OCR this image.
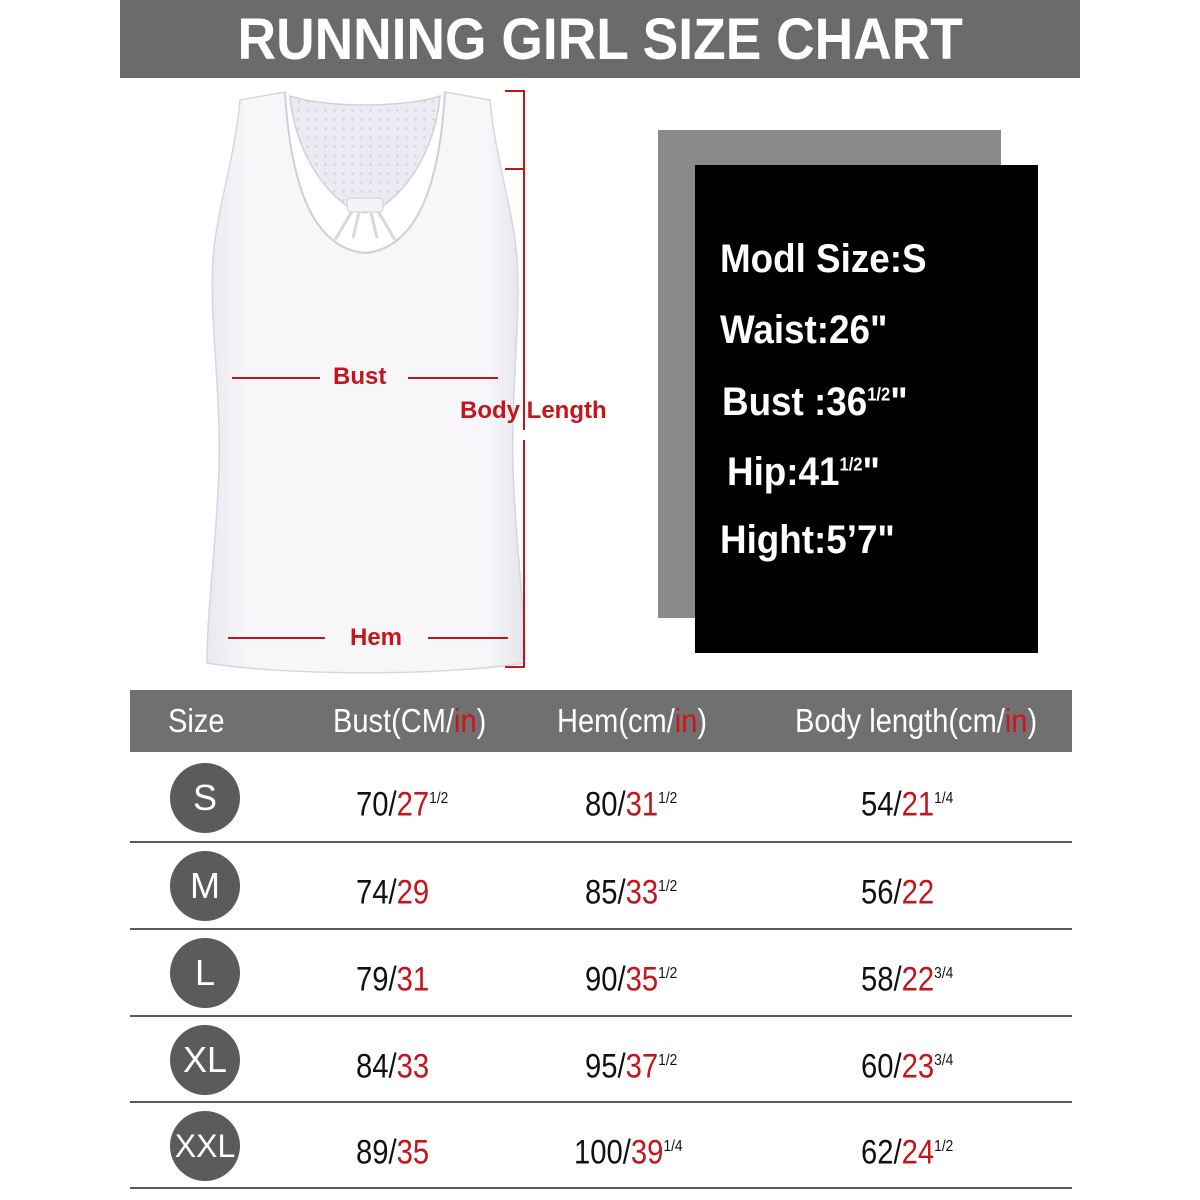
RUNNING GIRL SIZE CHART
Bust
Hem
Body Length
Modl Size:S
Waist:26"
Bust $:36^{1/2}$"
$Hip:41^{1/2}$"
Hight:5’7"
Size	Bust(CM/in) Hem(cm/in)	Body length(cm/in)
S	$70/27^{1/2}$	$80/31^{1/2}$	$54/21^{1/4}$
M	74/29	$85/33^{1/2}$	56/22
L	79/31	$90/35^{1/2}$	$58/22^{3/4}$
XL	84/33	$95/37^{1/2}$	$60/23^{3/4}$
XXL	89/35	$100/39^{1/4}$	$62/24^{1/2}$
